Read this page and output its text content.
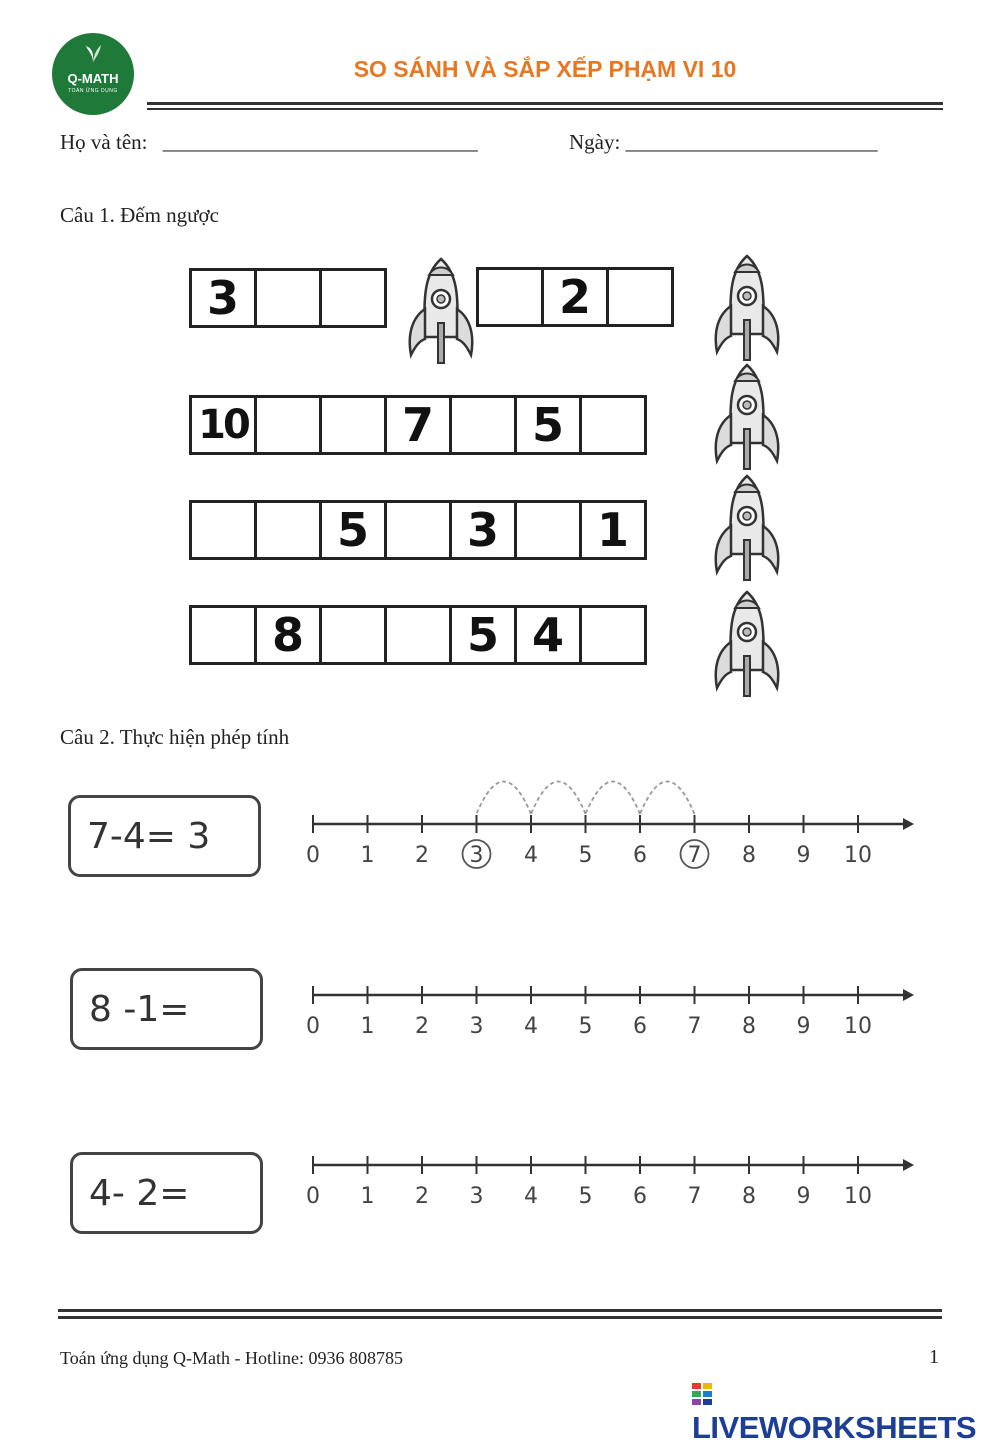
Q-MATH
TOÁN ỨNG DỤNG
SO SÁNH VÀ SẮP XẾP PHẠM VI 10
Họ và tên: ______________________________	Ngày: ________________________
Câu 1. Đếm ngược
3	2
10	7	5
5	3	1
8	5 4
Câu 2. Thực hiện phép tính
7-4= 3
8 -1=
4- 2=
0 1 2 3 4 5 6 7 8 9 10
0 1 2 3 4 5 6 7 8 9 10
0 1 2 3 4 5 6 7 8 9 10
Toán ứng dụng Q-Math - Hotline: 0936 808785	1
LIVEWORKSHEETS
